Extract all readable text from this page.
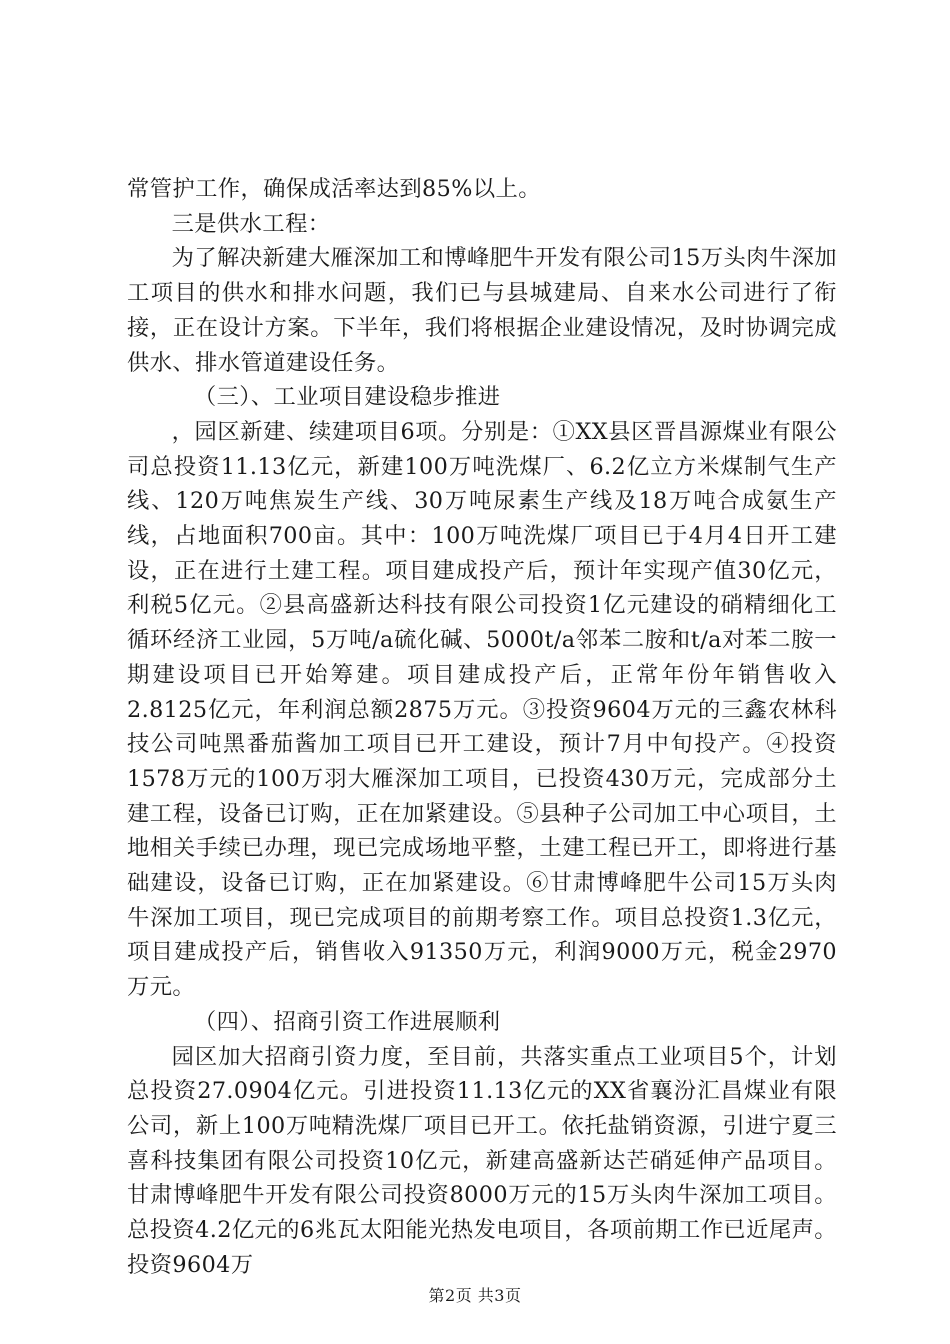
常管护工作，确保成活率达到85%以上。

三是供水工程：

为了解决新建大雁深加工和博峰肥牛开发有限公司15万头肉牛深加工项目的供水和排水问题，我们已与县城建局、自来水公司进行了衔接，正在设计方案。下半年，我们将根据企业建设情况，及时协调完成供水、排水管道建设任务。

（三）、工业项目建设稳步推进

，园区新建、续建项目6项。分别是：①XX县区晋昌源煤业有限公司总投资11.13亿元，新建100万吨洗煤厂、6.2亿立方米煤制气生产线、120万吨焦炭生产线、30万吨尿素生产线及18万吨合成氨生产线，占地面积700亩。其中：100万吨洗煤厂项目已于4月4日开工建设，正在进行土建工程。项目建成投产后，预计年实现产值30亿元，利税5亿元。②县高盛新达科技有限公司投资1亿元建设的硝精细化工循环经济工业园，5万吨/a硫化碱、5000t/a邻苯二胺和t/a对苯二胺一期建设项目已开始筹建。项目建成投产后，正常年份年销售收入2.8125亿元，年利润总额2875万元。③投资9604万元的三鑫农林科技公司吨黑番茄酱加工项目已开工建设，预计7月中旬投产。④投资1578万元的100万羽大雁深加工项目，已投资430万元，完成部分土建工程，设备已订购，正在加紧建设。⑤县种子公司加工中心项目，土地相关手续已办理，现已完成场地平整，土建工程已开工，即将进行基础建设，设备已订购，正在加紧建设。⑥甘肃博峰肥牛公司15万头肉牛深加工项目，现已完成项目的前期考察工作。项目总投资1.3亿元，项目建成投产后，销售收入91350万元，利润9000万元，税金2970万元。

（四）、招商引资工作进展顺利

园区加大招商引资力度，至目前，共落实重点工业项目5个，计划总投资27.0904亿元。引进投资11.13亿元的XX省襄汾汇昌煤业有限公司，新上100万吨精洗煤厂项目已开工。依托盐销资源，引进宁夏三喜科技集团有限公司投资10亿元，新建高盛新达芒硝延伸产品项目。甘肃博峰肥牛开发有限公司投资8000万元的15万头肉牛深加工项目。总投资4.2亿元的6兆瓦太阳能光热发电项目，各项前期工作已近尾声。投资9604万

第2页 共3页
